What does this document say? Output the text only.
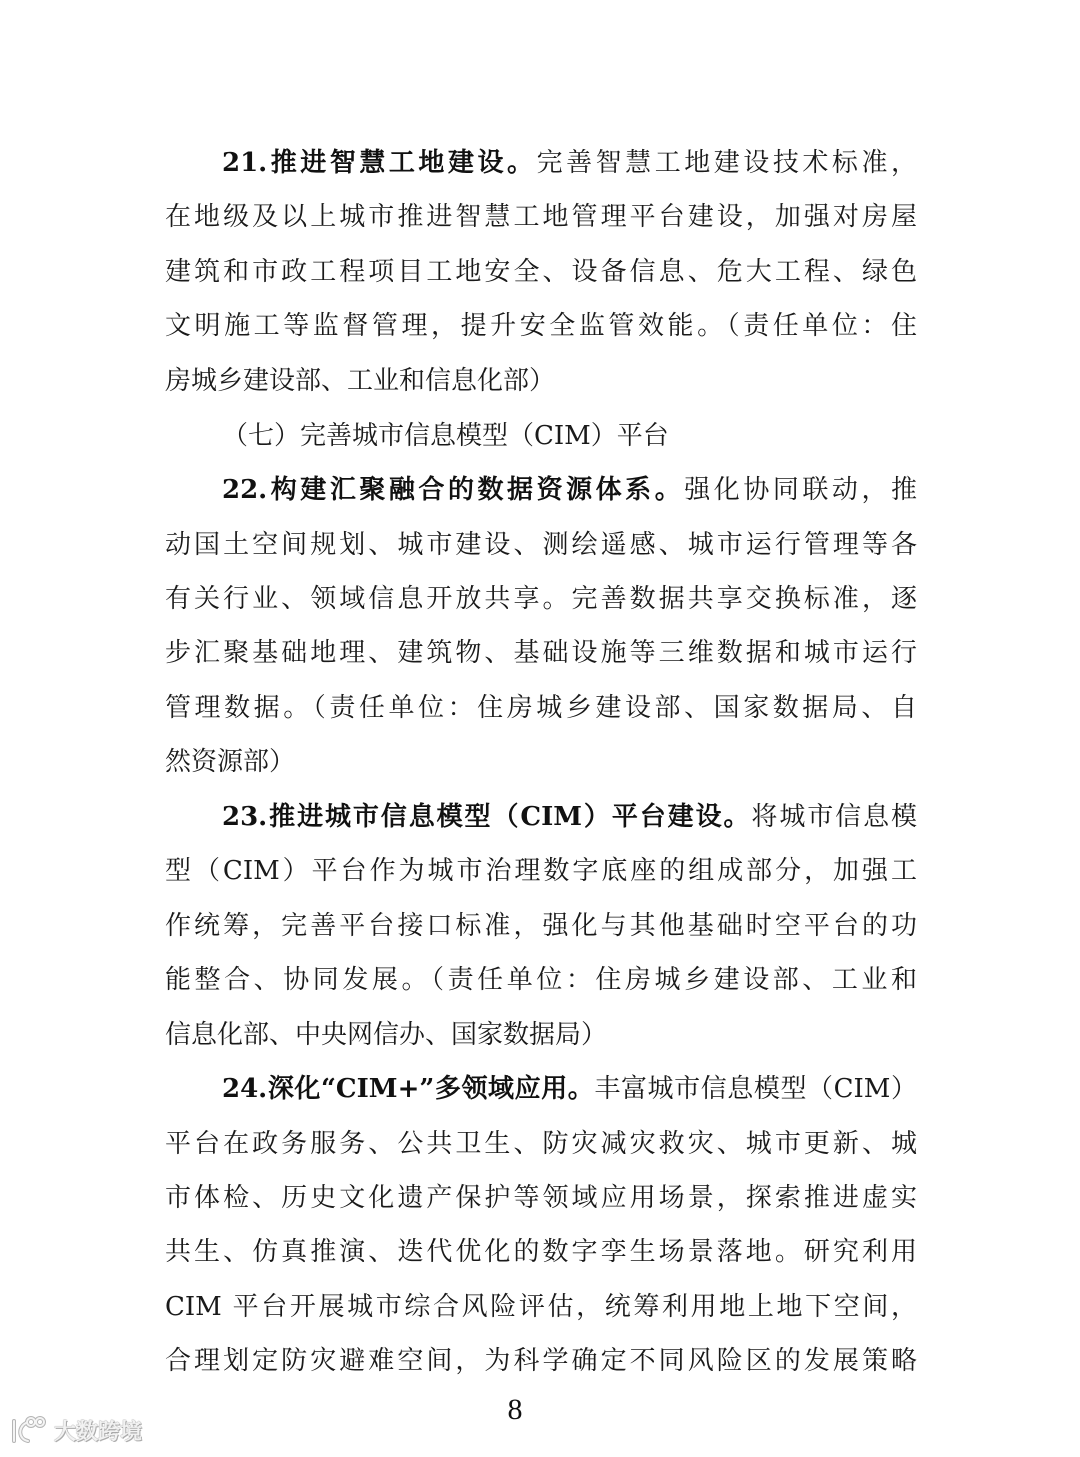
21.推进智慧工地建设。完善智慧工地建设技术标准，
在地级及以上城市推进智慧工地管理平台建设，加强对房屋
建筑和市政工程项目工地安全、设备信息、危大工程、绿色
文明施工等监督管理，提升安全监管效能。（责任单位：住
房城乡建设部、工业和信息化部）
（七）完善城市信息模型（CIM）平台
22.构建汇聚融合的数据资源体系。强化协同联动，推
动国土空间规划、城市建设、测绘遥感、城市运行管理等各
有关行业、领域信息开放共享。完善数据共享交换标准，逐
步汇聚基础地理、建筑物、基础设施等三维数据和城市运行
管理数据。（责任单位：住房城乡建设部、国家数据局、自
然资源部）
23.推进城市信息模型（CIM）平台建设。将城市信息模
型（CIM）平台作为城市治理数字底座的组成部分，加强工
作统筹，完善平台接口标准，强化与其他基础时空平台的功
能整合、协同发展。（责任单位：住房城乡建设部、工业和
信息化部、中央网信办、国家数据局）
24.深化“CIM+”多领域应用。丰富城市信息模型（CIM）
平台在政务服务、公共卫生、防灾减灾救灾、城市更新、城
市体检、历史文化遗产保护等领域应用场景，探索推进虚实
共生、仿真推演、迭代优化的数字孪生场景落地。研究利用
CIM 平台开展城市综合风险评估，统筹利用地上地下空间，
合理划定防灾避难空间，为科学确定不同风险区的发展策略
8
大数跨境
